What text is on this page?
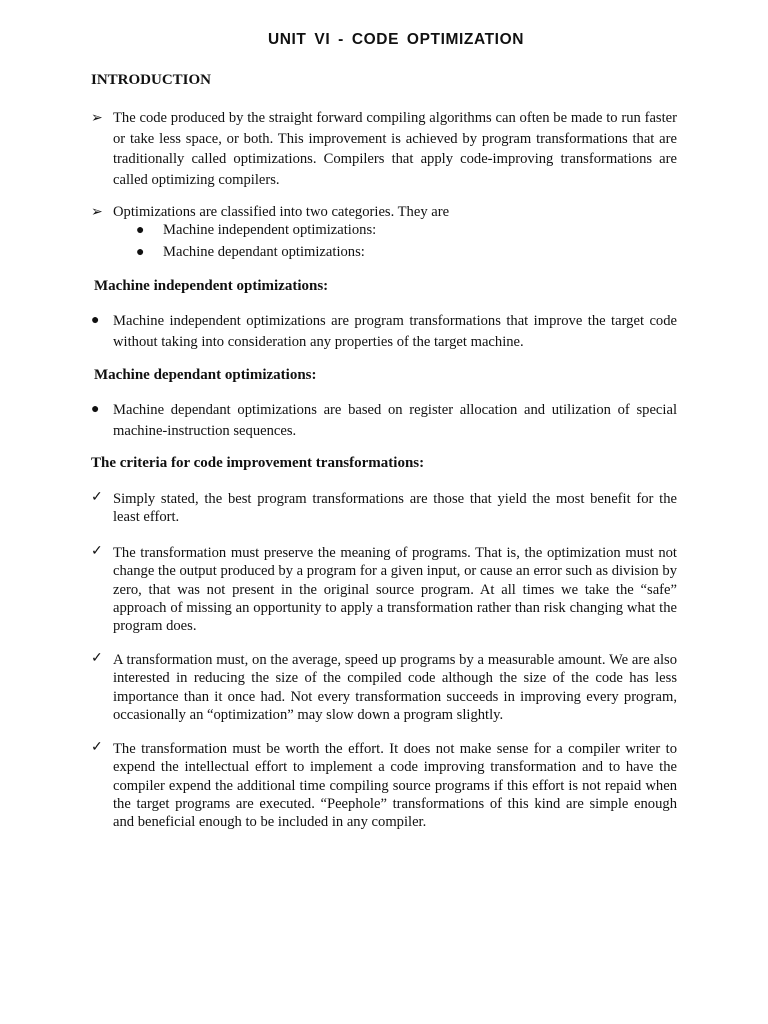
UNIT VI - CODE OPTIMIZATION
INTRODUCTION
➢ The code produced by the straight forward compiling algorithms can often be made to run faster or take less space, or both. This improvement is achieved by program transformations that are traditionally called optimizations. Compilers that apply code-improving transformations are called optimizing compilers.
➢ Optimizations are classified into two categories. They are
● Machine independent optimizations:
● Machine dependant optimizations:
Machine independent optimizations:
● Machine independent optimizations are program transformations that improve the target code without taking into consideration any properties of the target machine.
Machine dependant optimizations:
● Machine dependant optimizations are based on register allocation and utilization of special machine-instruction sequences.
The criteria for code improvement transformations:
✓ Simply stated, the best program transformations are those that yield the most benefit for the least effort.
✓ The transformation must preserve the meaning of programs. That is, the optimization must not change the output produced by a program for a given input, or cause an error such as division by zero, that was not present in the original source program. At all times we take the “safe” approach of missing an opportunity to apply a transformation rather than risk changing what the program does.
✓ A transformation must, on the average, speed up programs by a measurable amount. We are also interested in reducing the size of the compiled code although the size of the code has less importance than it once had. Not every transformation succeeds in improving every program, occasionally an “optimization” may slow down a program slightly.
✓ The transformation must be worth the effort. It does not make sense for a compiler writer to expend the intellectual effort to implement a code improving transformation and to have the compiler expend the additional time compiling source programs if this effort is not repaid when the target programs are executed. “Peephole” transformations of this kind are simple enough and beneficial enough to be included in any compiler.
